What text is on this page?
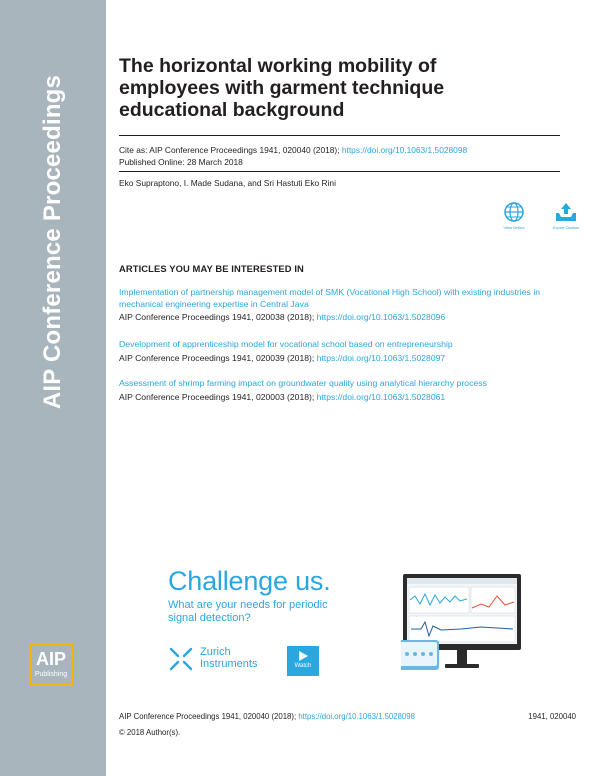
AIP Conference Proceedings
AIP
Publishing
The horizontal working mobility of employees with garment technique educational background
Cite as: AIP Conference Proceedings 1941, 020040 (2018); https://doi.org/10.1063/1.5028098
Published Online: 28 March 2018
Eko Supraptono, I. Made Sudana, and Sri Hastuti Eko Rini
View Online	Export Citation
ARTICLES YOU MAY BE INTERESTED IN
Implementation of partnership management model of SMK (Vocational High School) with existing industries in mechanical engineering expertise in Central Java
AIP Conference Proceedings 1941, 020038 (2018); https://doi.org/10.1063/1.5028096
Development of apprenticeship model for vocational school based on entrepreneurship
AIP Conference Proceedings 1941, 020039 (2018); https://doi.org/10.1063/1.5028097
Assessment of shrimp farming impact on groundwater quality using analytical hierarchy process
AIP Conference Proceedings 1941, 020003 (2018); https://doi.org/10.1063/1.5028061
Challenge us.
What are your needs for periodic signal detection?
Zurich
Instruments	Watch
AIP Conference Proceedings 1941, 020040 (2018); https://doi.org/10.1063/1.5028098	1941, 020040
© 2018 Author(s).
